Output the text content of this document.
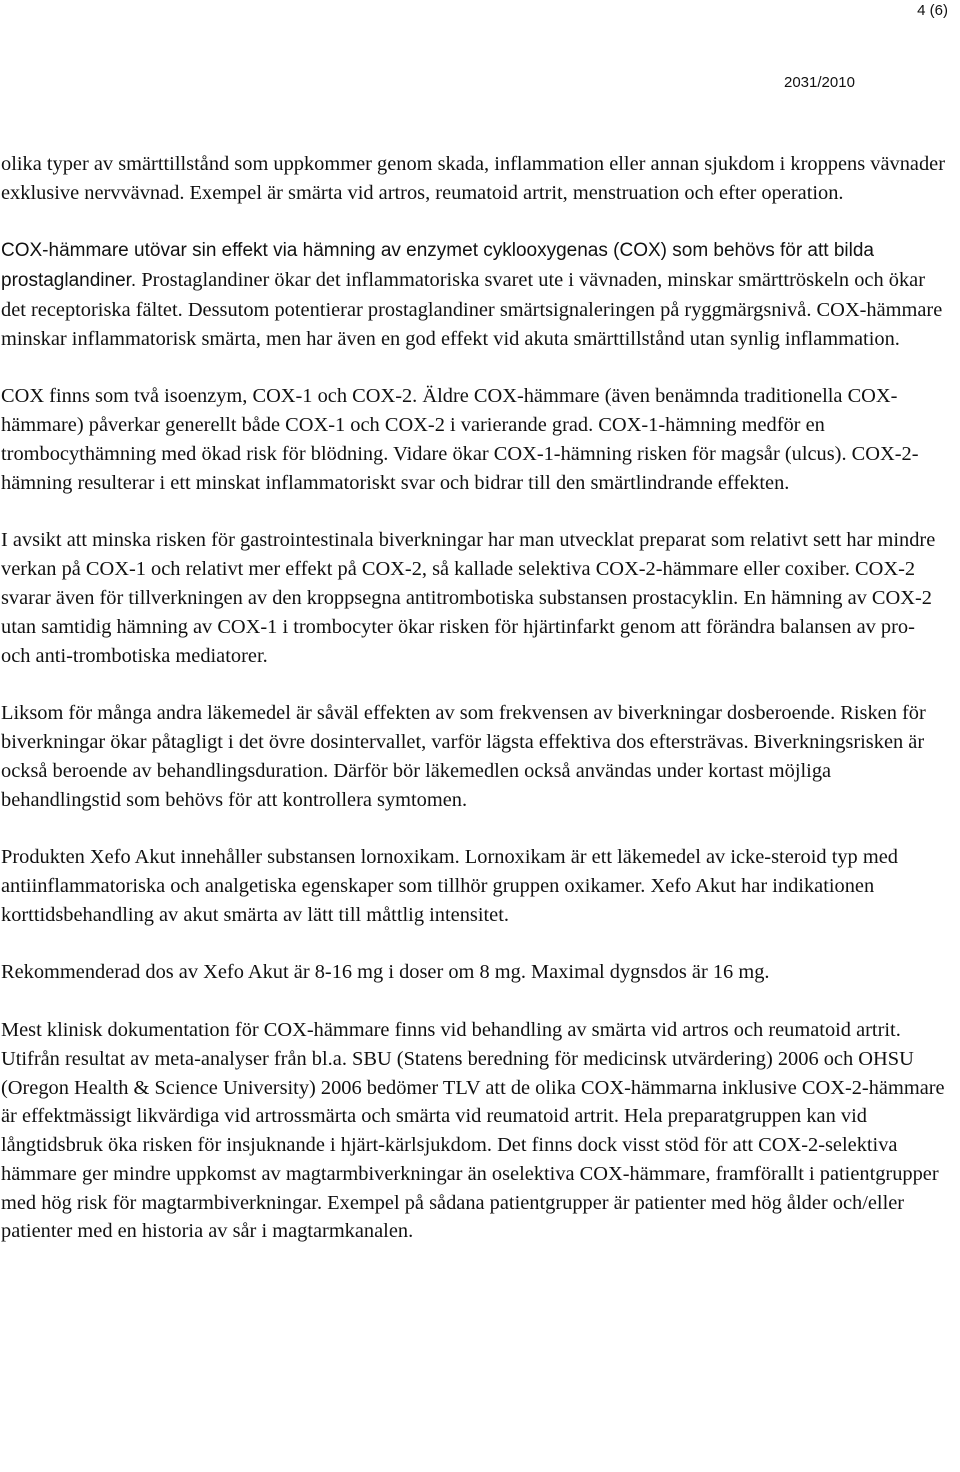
4 (6)
2031/2010

olika typer av smärttillstånd som uppkommer genom skada, inflammation eller annan sjukdom i kroppens vävnader exklusive nervvävnad. Exempel är smärta vid artros, reumatoid artrit, menstruation och efter operation.

COX-hämmare utövar sin effekt via hämning av enzymet cyklooxygenas (COX) som behövs för att bilda prostaglandiner. Prostaglandiner ökar det inflammatoriska svaret ute i vävnaden, minskar smärttröskeln och ökar det receptoriska fältet. Dessutom potentierar prostaglandiner smärtsignaleringen på ryggmärgsnivå. COX-hämmare minskar inflammatorisk smärta, men har även en god effekt vid akuta smärttillstånd utan synlig inflammation.

COX finns som två isoenzym, COX-1 och COX-2. Äldre COX-hämmare (även benämnda traditionella COX-hämmare) påverkar generellt både COX-1 och COX-2 i varierande grad. COX-1-hämning medför en trombocythämning med ökad risk för blödning. Vidare ökar COX-1-hämning risken för magsår (ulcus). COX-2-hämning resulterar i ett minskat inflammatoriskt svar och bidrar till den smärtlindrande effekten.

I avsikt att minska risken för gastrointestinala biverkningar har man utvecklat preparat som relativt sett har mindre verkan på COX-1 och relativt mer effekt på COX-2, så kallade selektiva COX-2-hämmare eller coxiber. COX-2 svarar även för tillverkningen av den kroppsegna antitrombotiska substansen prostacyklin. En hämning av COX-2 utan samtidig hämning av COX-1 i trombocyter ökar risken för hjärtinfarkt genom att förändra balansen av pro- och anti-trombotiska mediatorer.

Liksom för många andra läkemedel är såväl effekten av som frekvensen av biverkningar dosberoende. Risken för biverkningar ökar påtagligt i det övre dosintervallet, varför lägsta effektiva dos eftersträvas. Biverkningsrisken är också beroende av behandlingsduration. Därför bör läkemedlen också användas under kortast möjliga behandlingstid som behövs för att kontrollera symtomen.

Produkten Xefo Akut innehåller substansen lornoxikam. Lornoxikam är ett läkemedel av icke-steroid typ med antiinflammatoriska och analgetiska egenskaper som tillhör gruppen oxikamer. Xefo Akut har indikationen korttidsbehandling av akut smärta av lätt till måttlig intensitet.

Rekommenderad dos av Xefo Akut är 8-16 mg i doser om 8 mg. Maximal dygnsdos är 16 mg.

Mest klinisk dokumentation för COX-hämmare finns vid behandling av smärta vid artros och reumatoid artrit. Utifrån resultat av meta-analyser från bl.a. SBU (Statens beredning för medicinsk utvärdering) 2006 och OHSU (Oregon Health & Science University) 2006 bedömer TLV att de olika COX-hämmarna inklusive COX-2-hämmare är effektmässigt likvärdiga vid artrossmärta och smärta vid reumatoid artrit. Hela preparatgruppen kan vid långtidsbruk öka risken för insjuknande i hjärt-kärlsjukdom. Det finns dock visst stöd för att COX-2-selektiva hämmare ger mindre uppkomst av magtarmbiverkningar än oselektiva COX-hämmare, framförallt i patientgrupper med hög risk för magtarmbiverkningar. Exempel på sådana patientgrupper är patienter med hög ålder och/eller patienter med en historia av sår i magtarmkanalen.
